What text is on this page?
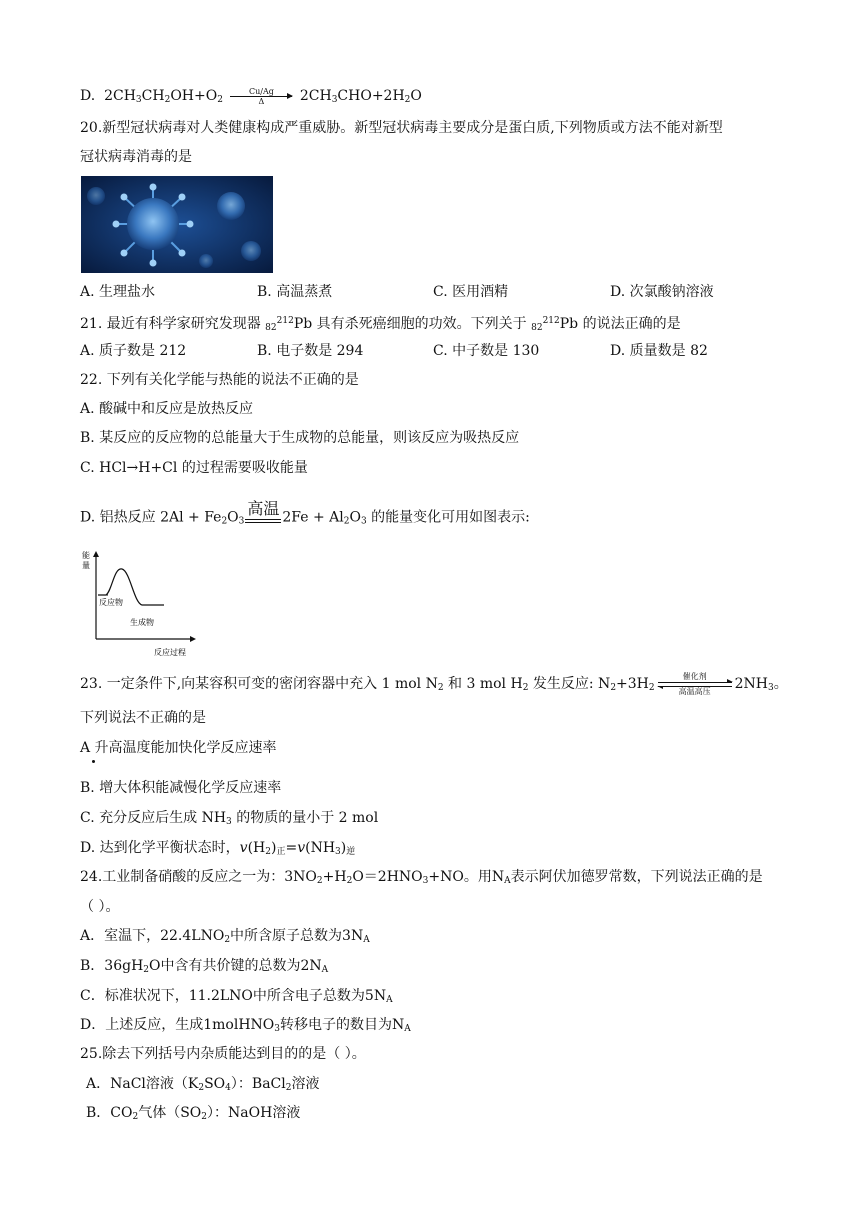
D. $2CH_3CH_2OH+O_2 \frac{Cu/Ag}{\Delta} 2CH_3CHO+2H_2O$
20.新型冠状病毒对人类健康构成严重威胁。新型冠状病毒主要成分是蛋白质,下列物质或方法不能对新型
冠状病毒消毒的是
A. 生理盐水	B. 高温蒸煮	C. 医用酒精	D. 次氯酸钠溶液
21. 最近有科学家研究发现器 $82^{212}Pb$ 具有杀死癌细胞的功效。下列关于 $82^{212}Pb$ 的说法正确的是
A. 质子数是 212	B. 电子数是 294	C. 中子数是 130	D. 质量数是 82
22. 下列有关化学能与热能的说法不正确的是
A. 酸碱中和反应是放热反应
B. 某反应的反应物的总能量大于生成物的总能量，则该反应为吸热反应
C. HCl→H+Cl 的过程需要吸收能量
D. 铝热反应 $2Al + Fe_2O_3$
高温 $2Fe + Al_2O_3$ 的能量变化可用如图表示:
能
量
反应物
生成物
反应过程
23. 一定条件下,向某容积可变的密闭容器中充入 1 mol $N_2$ 和 3 mol $H_2$ 发生反应: $N_2+3H_2$
催化剂
高温高压	$2NH_3$。
下列说法不正确的是
A 升高温度能加快化学反应速率
B. 增大体积能减慢化学反应速率
C. 充分反应后生成 $NH_3$ 的物质的量小于 2 mol
D. 达到化学平衡状态时，$v(H_2)_正=v(NH_3)_逆$
24.工业制备硝酸的反应之一为：$3NO_2+H_2O=2HNO_3+NO$。用$N_A$表示阿伏加德罗常数，下列说法正确的是
（ ）。
A．室温下，$22.4LNO_2$中所含原子总数为$3N_A$
B．$36gH_2O$中含有共价键的总数为$2N_A$
C．标准状况下，11.2LNO中所含电子总数为$5N_A$
D．上述反应，生成1molHNO$_3$转移电子的数目为$N_A$
25.除去下列括号内杂质能达到目的的是（ ）。
A．NaCl溶液$(K_2SO_4)$：BaCl$_2$溶液
B．$CO_2$气体$(SO_2)$：NaOH溶液
